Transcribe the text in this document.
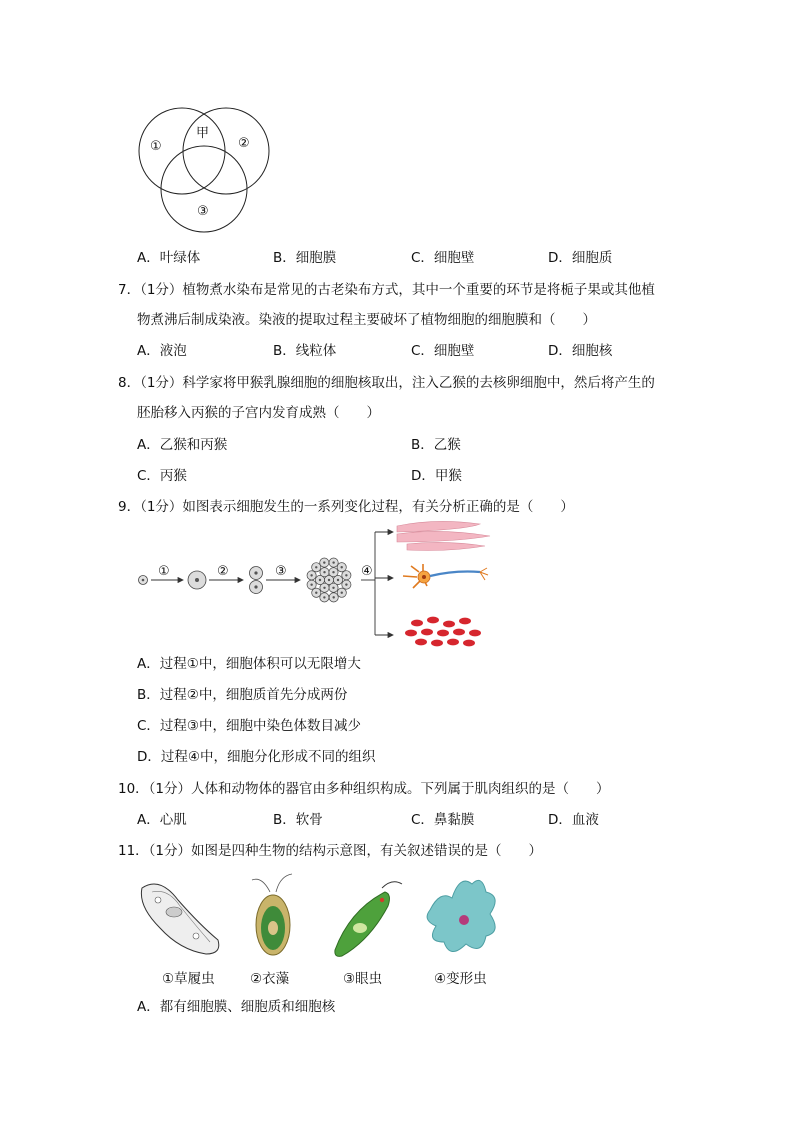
①
甲
②
③
A．叶绿体	B．细胞膜	C．细胞壁	D．细胞质
7．（1分）植物煮水染布是常见的古老染布方式，其中一个重要的环节是将栀子果或其他植
物煮沸后制成染液。染液的提取过程主要破坏了植物细胞的细胞膜和（　　）
A．液泡	B．线粒体	C．细胞壁	D．细胞核
8．（1分）科学家将甲猴乳腺细胞的细胞核取出，注入乙猴的去核卵细胞中，然后将产生的
胚胎移入丙猴的子宫内发育成熟（　　）
A．乙猴和丙猴	B．乙猴
C．丙猴	D．甲猴
9．（1分）如图表示细胞发生的一系列变化过程，有关分析正确的是（　　）
①	②	③	④
A．过程①中，细胞体积可以无限增大
B．过程②中，细胞质首先分成两份
C．过程③中，细胞中染色体数目减少
D．过程④中，细胞分化形成不同的组织
10．（1分）人体和动物体的器官由多种组织构成。下列属于肌肉组织的是（　　）
A．心肌	B．软骨	C．鼻黏膜	D．血液
11．（1分）如图是四种生物的结构示意图，有关叙述错误的是（　　）
①草履虫	②衣藻	③眼虫	④变形虫
A．都有细胞膜、细胞质和细胞核
